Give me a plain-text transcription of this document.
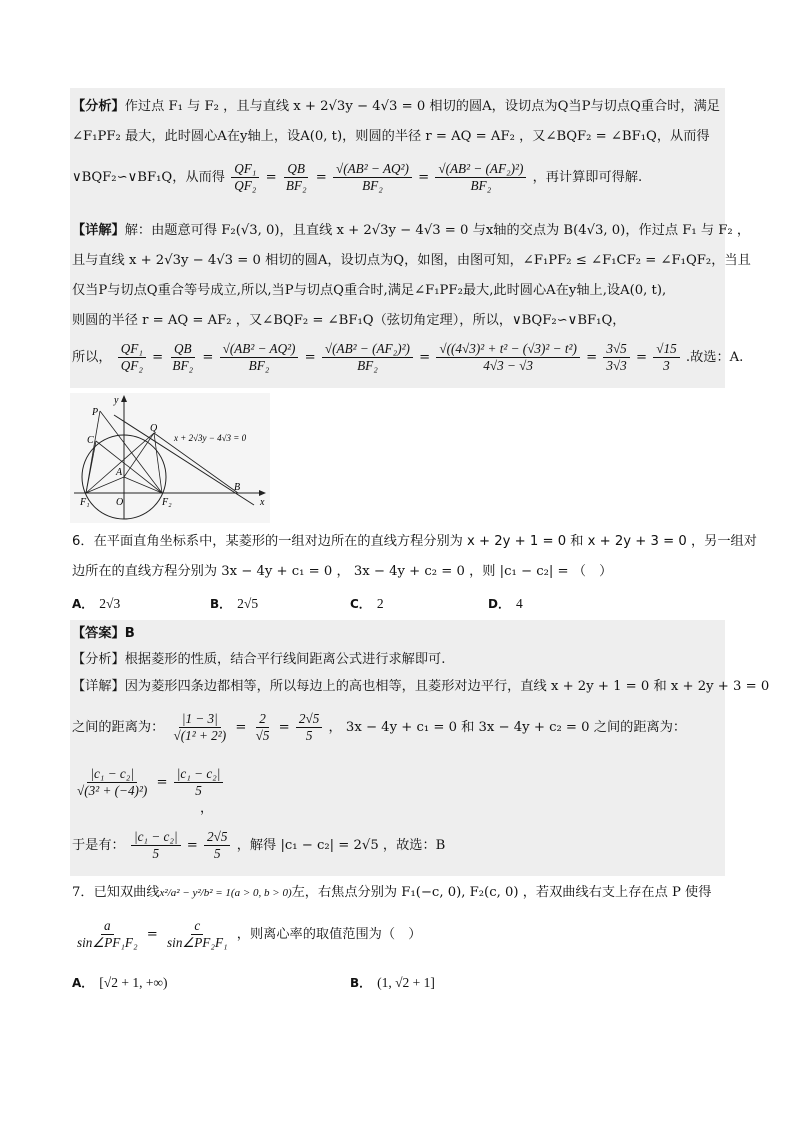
【分析】作过点 F₁ 与 F₂ ，且与直线 x + 2√3y − 4√3 = 0 相切的圆A，设切点为Q当P与切点Q重合时，满足
∠F₁PF₂ 最大，此时圆心A在y轴上，设A(0, t)，则圆的半径 r = AQ = AF₂ ，又∠BQF₂ = ∠BF₁Q，从而得
∨BQF₂∽∨BF₁Q，从而得 $\frac{\text{QF₁}}{\text{QF₂}} = \frac{QB}{\text{BF₂}} = \frac{\text{√(AB² − AQ²)}}{\text{BF₂}} = \frac{\text{√(AB² − (AF₂)²)}}{\text{BF₂}}$ ，再计算即可得解.
【详解】解：由题意可得 F₂(√3, 0)，且直线 x + 2√3y − 4√3 = 0 与x轴的交点为 B(4√3, 0)，作过点 F₁ 与 F₂ ，
且与直线 x + 2√3y − 4√3 = 0 相切的圆A，设切点为Q，如图，由图可知，∠F₁PF₂ ≤ ∠F₁CF₂ = ∠F₁QF₂，当且
仅当P与切点Q重合等号成立,所以,当P与切点Q重合时,满足∠F₁PF₂最大,此时圆心A在y轴上,设A(0, t),
则圆的半径 r = AQ = AF₂ ，又∠BQF₂ = ∠BF₁Q（弦切角定理），所以，∨BQF₂∽∨BF₁Q，
所以， $\frac{\text{QF₁}}{\text{QF₂}} = \frac{QB}{\text{BF₂}} = \frac{\text{√(AB² − AQ²)}}{\text{BF₂}} = \frac{\text{√(AB² − (AF₂)²)}}{\text{BF₂}} = \frac{\text{√((4√3)² + t² − (√3)² − t²)}}{4√3 - √3} = \frac{3√5}{3√3} = \frac{√15}{3}$ .故选：A.
y
x
P
Q
C
A
F₁	O	F₂
B
x + 2√3y − 4√3 = 0
6．在平面直角坐标系中，某菱形的一组对边所在的直线方程分别为 x + 2y + 1 = 0 和 x + 2y + 3 = 0 ，另一组对
边所在的直线方程分别为 3x − 4y + c₁ = 0 ， 3x − 4y + c₂ = 0 ，则 |c₁ − c₂| = （　）
A． 2√3	B． 2√5	C． 2	D． 4
【答案】B
【分析】根据菱形的性质，结合平行线间距离公式进行求解即可.
【详解】因为菱形四条边都相等，所以每边上的高也相等，且菱形对边平行，直线 x + 2y + 1 = 0 和 x + 2y + 3 = 0
之间的距离为： $\frac{|1 - 3|}{\text{√(1² + 2²)}} = \frac{2}{√5} = \frac{2√5}{5}$ ， 3x − 4y + c₁ = 0 和 3x − 4y + c₂ = 0 之间的距离为：
$\frac{\text{|c₁ − c₂|}}{\text{√(3² + (−4)²)}} = \frac{\text{|c₁ − c₂|}}{5}$
，
于是有： $\frac{\text{|c₁ − c₂|}}{5} = \frac{2√5}{5}$ ，解得 |c₁ − c₂| = 2√5 ，故选：B
7．已知双曲线x²/a² − y²/b² = 1(a > 0, b > 0)左，右焦点分别为 F₁(−c, 0), F₂(c, 0) ，若双曲线右支上存在点 P 使得
$\frac{a}{\text{sin∠PF₁F₂}} = \frac{c}{\text{sin∠PF₂F₁}}$ ，则离心率的取值范围为（　）
A． [√2 + 1, +∞)	B． (1, √2 + 1]
